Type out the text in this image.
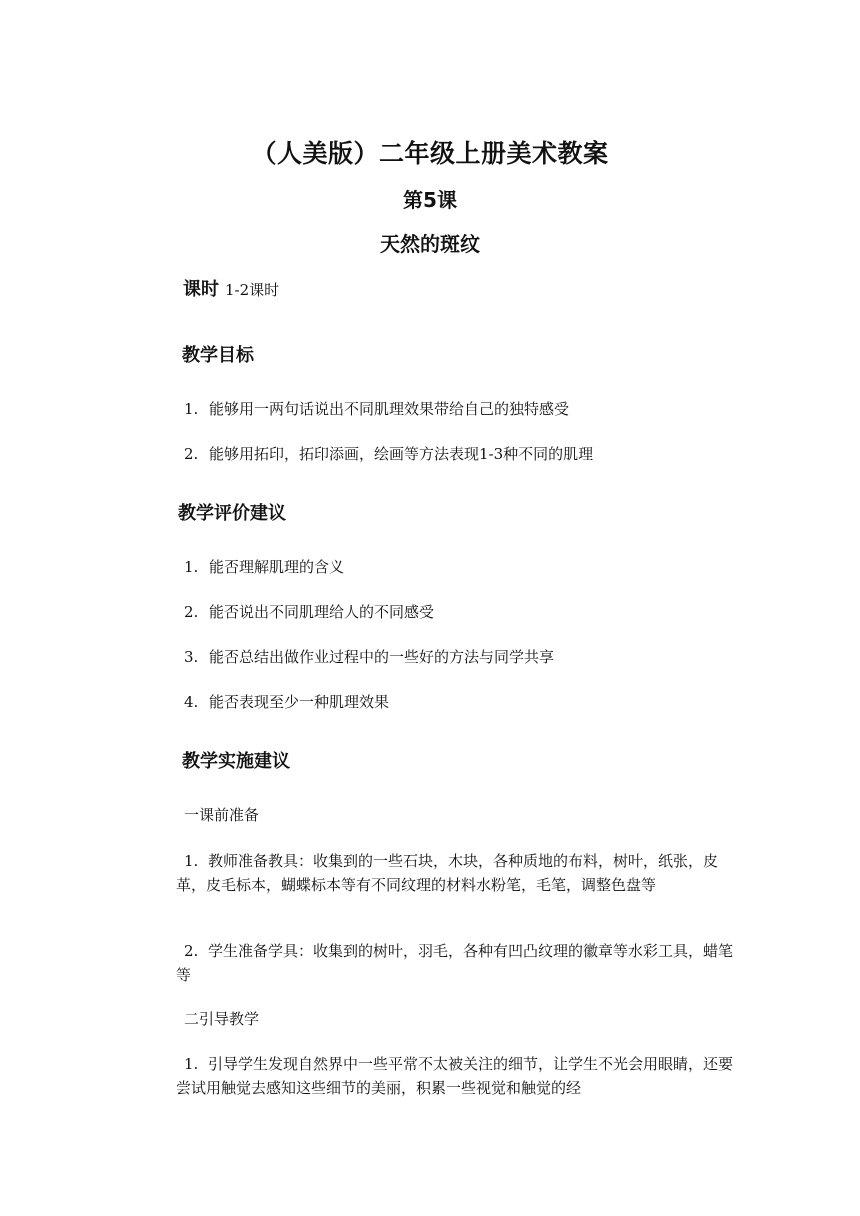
（人美版）二年级上册美术教案
第5课
天然的斑纹
课时 1-2课时
教学目标
1. 能够用一两句话说出不同肌理效果带给自己的独特感受
2. 能够用拓印，拓印添画，绘画等方法表现1-3种不同的肌理
教学评价建议
1. 能否理解肌理的含义
2. 能否说出不同肌理给人的不同感受
3. 能否总结出做作业过程中的一些好的方法与同学共享
4. 能否表现至少一种肌理效果
教学实施建议
一课前准备
1. 教师准备教具：收集到的一些石块，木块，各种质地的布料，树叶，纸张，皮革，皮毛标本，蝴蝶标本等有不同纹理的材料水粉笔，毛笔，调整色盘等
2. 学生准备学具：收集到的树叶，羽毛，各种有凹凸纹理的徽章等水彩工具，蜡笔等
二引导教学
1. 引导学生发现自然界中一些平常不太被关注的细节，让学生不光会用眼睛，还要尝试用触觉去感知这些细节的美丽，积累一些视觉和触觉的经
